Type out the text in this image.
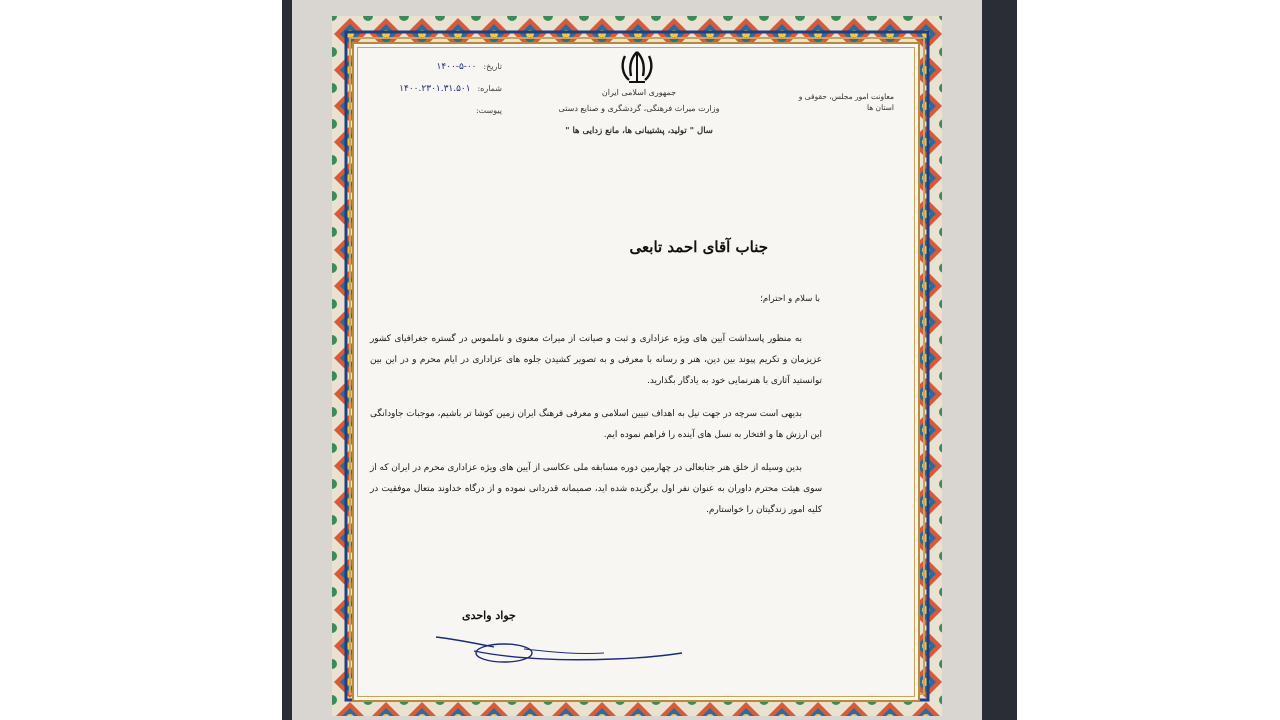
جمهوری اسلامی ایران
وزارت میراث فرهنگی، گردشگری و صنایع دستی
سال " تولید، پشتیبانی ها، مانع زدایی ها "
معاونت امور مجلس، حقوقی و استان ها
تاریخ: ۰۰-۵-۱۴۰۰
شماره: ۱۴۰۰.۲۳۰۱.۳۱.۵۰۱
پیوست:
جناب آقای احمد تابعی
با سلام و احترام؛

به منظور پاسداشت آیین های ویژه عزاداری و ثبت و صیانت از میراث معنوی و ناملموس در گستره جغرافیای کشور عزیزمان و تکریم پیوند بین دین، هنر و رسانه با معرفی و به تصویر کشیدن جلوه های عزاداری در ایام محرم و در این بین توانستید آثاری با هنرنمایی خود به یادگار بگذارید.

بدیهی است سرچه در جهت نیل به اهداف تبیین اسلامی و معرفی فرهنگ ایران زمین کوشا تر باشیم، موجبات جاودانگی این ارزش ها و افتخار به نسل های آینده را فراهم نموده ایم.

بدین وسیله از خلق هنر جنابعالی در چهارمین دوره مسابقه ملی عکاسی از آیین های ویژه عزاداری محرم در ایران که از سوی هیئت محترم داوران به عنوان نفر اول برگزیده شده اید، صمیمانه قدردانی نموده و از درگاه خداوند متعال موفقیت در کلیه امور زندگیتان را خواستارم.

جواد واحدی
